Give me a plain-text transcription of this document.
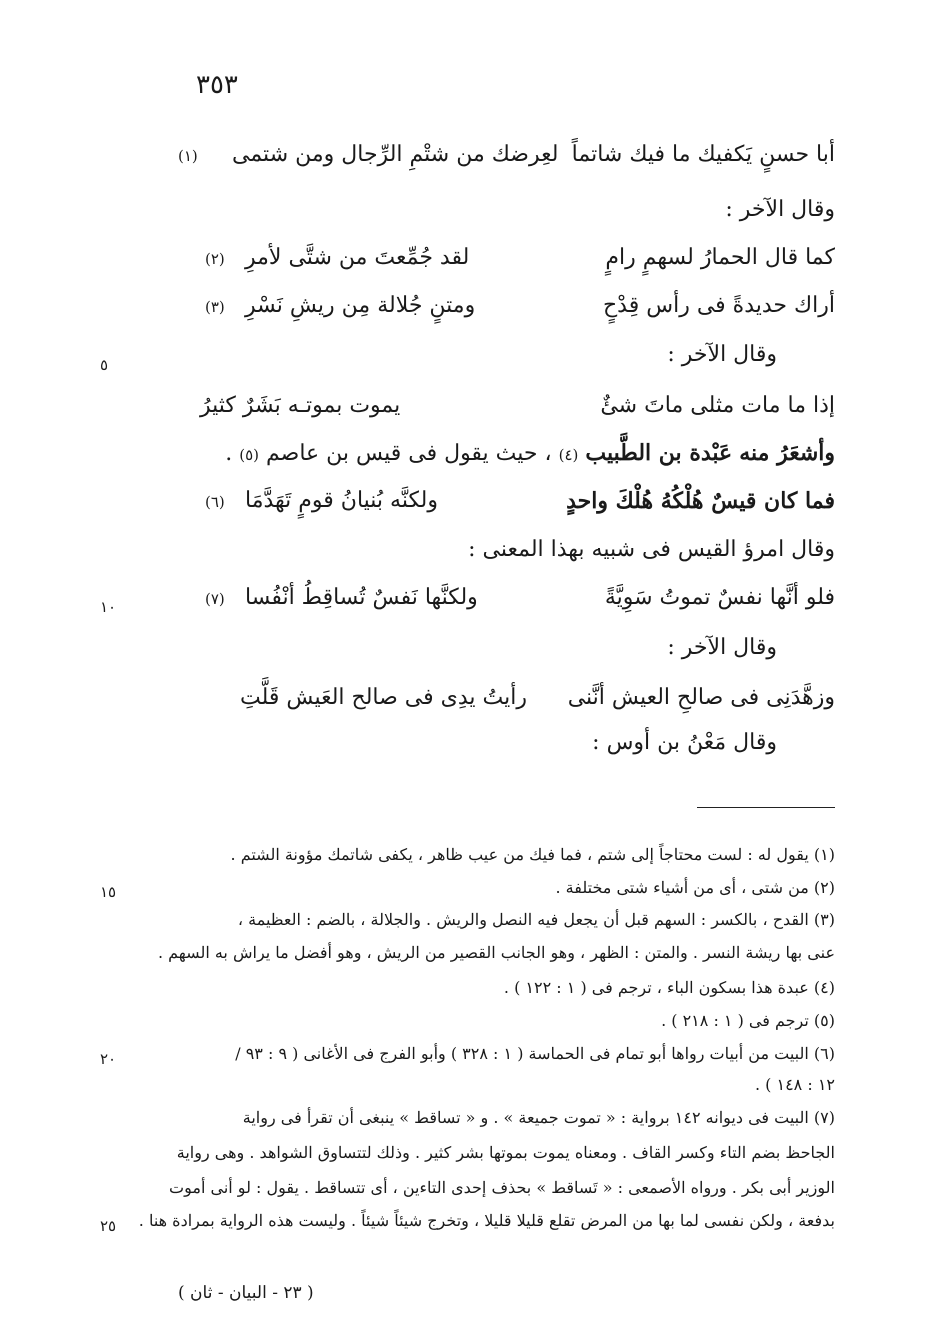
٣٥٣
أبا حسنٍ يَكفيك ما فيك شاتماً
لعِرضك من شتْمِ الرِّجال ومن شتمى
(١)
وقال الآخر :
كما قال الحمارُ لسهمٍ رامٍ
لقد جُمِّعتَ من شتَّى لأمرِ
(٢)
أراك حديدةً فى رأس قِدْحٍ
ومتنٍ جُلالة مِن ريشِ نَسْرِ
(٣)
وقال الآخر :
٥
إذا ما مات مثلى ماتَ شئٌ
يموت بموتـه بَشَرٌ كثيرُ
وأشعَرُ منه عَبْدة بن الطَّبيب (٤) ، حيث يقول فى قيس بن عاصم (٥) .
فما كان قيسٌ هُلْكُهُ هُلْكَ واحدٍ
ولكنَّه بُنيانُ قومٍ تَهَدَّمَا
(٦)
وقال امرؤ القيس فى شبيه بهذا المعنى :
فلو أنَّها نفسٌ تموتُ سَوِيَّةً
ولكنَّها نَفسٌ تُساقِطُ أنْفُسا
(٧)
١٠
وقال الآخر :
وزهَّدَنِى فى صالحِ العيش أنَّنى
رأيتُ يدِى فى صالح العَيش قَلَّتِ
وقال مَعْنُ بن أوس :
(١) يقول له : لست محتاجاً إلى شتم ، فما فيك من عيب ظاهر ، يكفى شاتمك مؤونة الشتم .
(٢) من شتى ، أى من أشياء شتى مختلفة .
١٥
(٣) القدح ، بالكسر : السهم قبل أن يجعل فيه النصل والريش . والجلالة ، بالضم : العظيمة ،
عنى بها ريشة النسر . والمتن : الظهر ، وهو الجانب القصير من الريش ، وهو أفضل ما يراش به السهم .
(٤) عبدة هذا بسكون الباء ، ترجم فى ( ١ : ١٢٢ ) .
(٥) ترجم فى ( ١ : ٢١٨ ) .
(٦) البيت من أبيات رواها أبو تمام فى الحماسة ( ١ : ٣٢٨ ) وأبو الفرج فى الأغانى ( ٩ : ٩٣ /
٢٠
١٢ : ١٤٨ ) .
(٧) البيت فى ديوانه ١٤٢ برواية : « تموت جميعة » . و « تساقط » ينبغى أن تقرأ فى رواية
الجاحظ بضم التاء وكسر القاف . ومعناه يموت بموتها بشر كثير . وذلك لتتساوق الشواهد . وهى رواية
الوزير أبى بكر . ورواه الأصمعى : « تَساقط » بحذف إحدى التاءين ، أى تتساقط . يقول : لو أنى أموت
بدفعة ، ولكن نفسى لما بها من المرض تقلع قليلا قليلا ، وتخرج شيئاً شيئاً . وليست هذه الرواية بمرادة هنا .
٢٥
( ٢٣ - البيان - ثان )
